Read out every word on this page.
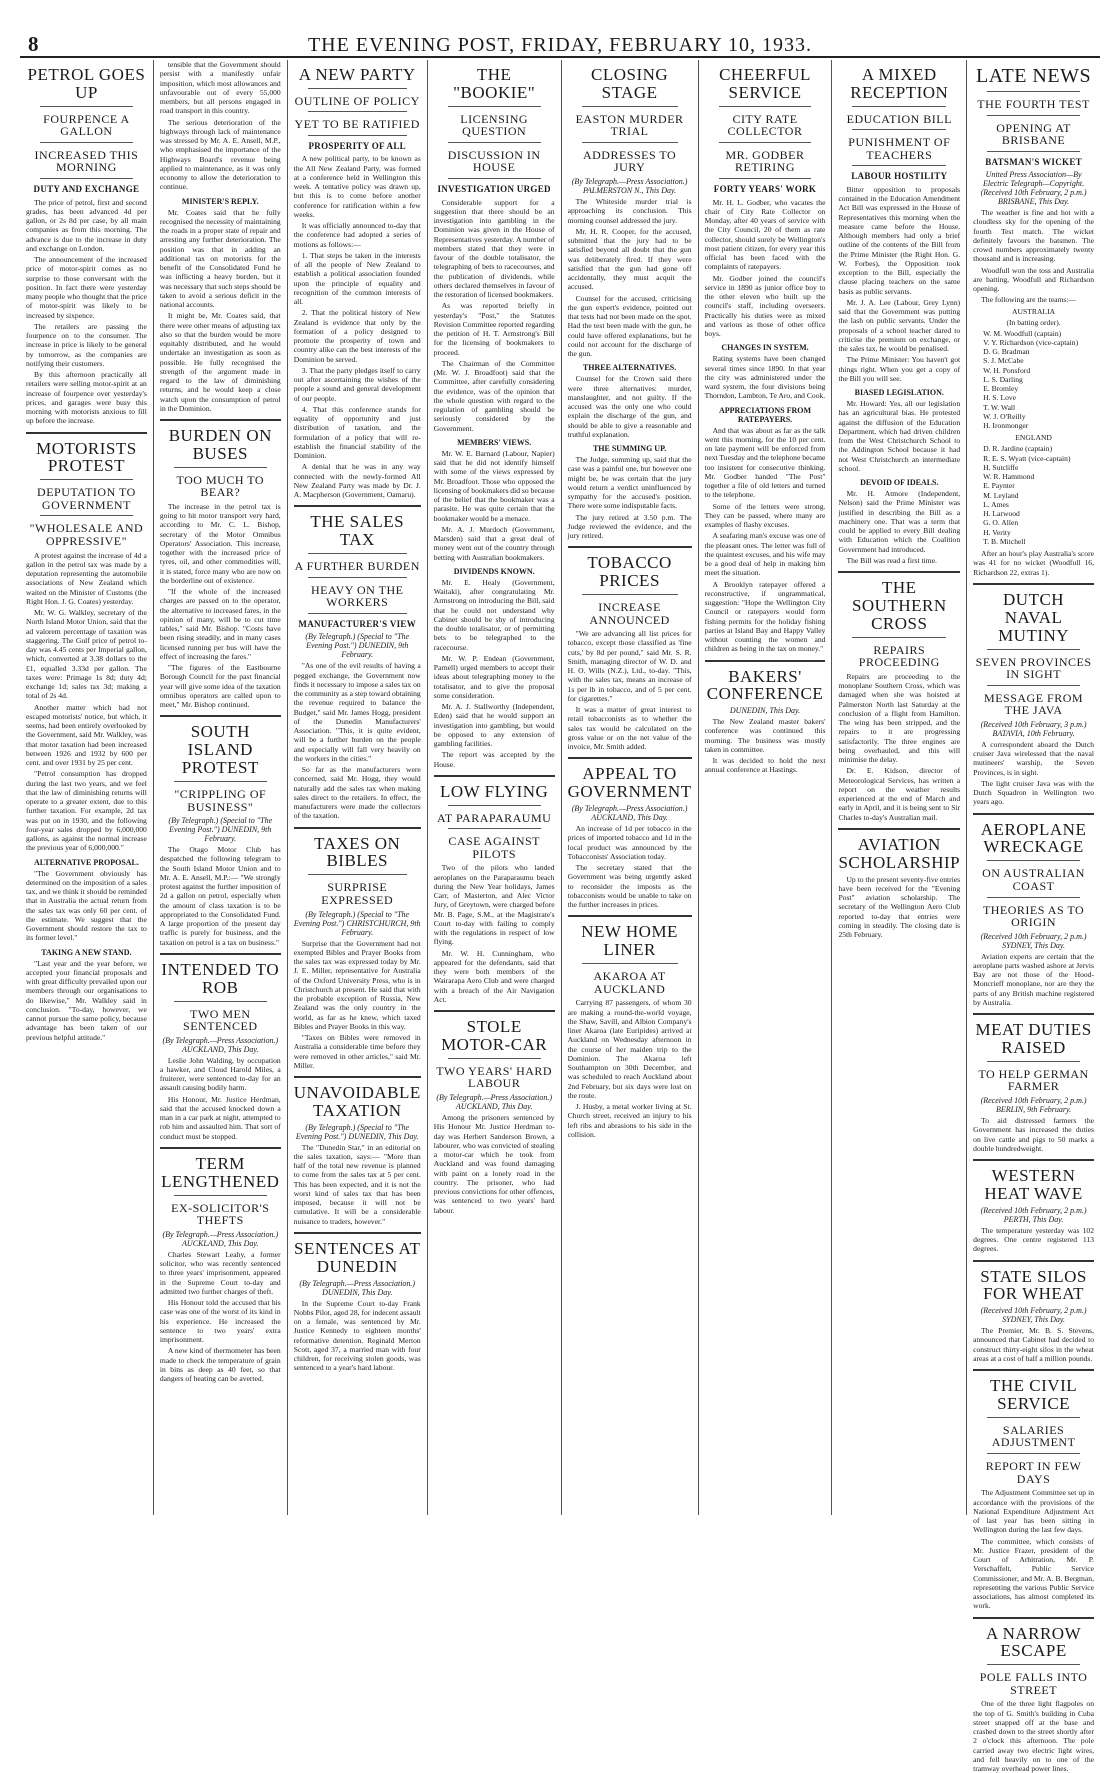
8	THE EVENING POST, FRIDAY, FEBRUARY 10, 1933.
PETROL GOES UP
FOURPENCE A GALLON
INCREASED THIS MORNING
DUTY AND EXCHANGE

The price of petrol, first and second grades, has been advanced 4d per gallon, or 2s 8d per case, by all main companies as from this morning. The advance is due to the increase in duty and exchange on London.

The announcement of the increased price of motor-spirit comes as no surprise to those conversant with the position. In fact there were yesterday many people who thought that the price of motor-spirit was likely to be increased by sixpence.

The retailers are passing the fourpence on to the consumer. The increase in price is likely to be general by tomorrow, as the companies are notifying their customers.

By this afternoon practically all retailers were selling motor-spirit at an increase of fourpence over yesterday's prices, and garages were busy this morning with motorists anxious to fill up before the increase.

MOTORISTS PROTEST
DEPUTATION TO GOVERNMENT
"WHOLESALE AND OPPRESSIVE"

A protest against the increase of 4d a gallon in the petrol tax was made by a deputation representing the automobile associations of New Zealand which waited on the Minister of Customs (the Right Hon. J. G. Coates) yesterday.

Mr. W. G. Walkley, secretary of the North Island Motor Union, said that the ad valorem percentage of taxation was staggering. The Gulf price of petrol to-day was 4.45 cents per Imperial gallon, which, converted at 3.38 dollars to the £1, equalled 3.33d per gallon. The taxes were: Primage 1s 8d; duty 4d; exchange 1d; sales tax 3d; making a total of 2s 4d.

Another matter which had not escaped motorists' notice, but which, it seems, had been entirely overlooked by the Government, said Mr. Walkley, was that motor taxation had been increased between 1926 and 1932 by 600 per cent. and over 1931 by 25 per cent.

"Petrol consumption has dropped during the last two years, and we feel that the law of diminishing returns will operate to a greater extent, due to this further taxation. For example, 2d tax was put on in 1930, and the following four-year sales dropped by 6,000,000 gallons, as against the normal increase the previous year of 6,000,000."

ALTERNATIVE PROPOSAL.

"The Government obviously has determined on the imposition of a sales tax, and we think it should be reminded that in Australia the actual return from the sales tax was only 60 per cent. of the estimate. We suggest that the Government should restore the tax to its former level."

TAKING A NEW STAND.

"Last year and the year before, we accepted your financial proposals and with great difficulty prevailed upon our members through our organisations to do likewise," Mr. Walkley said in conclusion. "To-day, however, we cannot pursue the same policy, because advantage has been taken of our previous helpful attitude."

tensible that the Government should persist with a manifestly unfair imposition, which most allowances and unfavourable out of every 55,000 members, but all persons engaged in road transport in this country.

The serious deterioration of the highways through lack of maintenance was stressed by Mr. A. E. Ansell, M.P., who emphasised the importance of the Highways Board's revenue being applied to maintenance, as it was only economy to allow the deterioration to continue.

MINISTER'S REPLY.

Mr. Coates said that he fully recognised the necessity of maintaining the roads in a proper state of repair and arresting any further deterioration. The position was that in adding an additional tax on motorists for the benefit of the Consolidated Fund he was inflicting a heavy burden, but it was necessary that such steps should be taken to avoid a serious deficit in the national accounts.

It might be, Mr. Coates said, that there were other means of adjusting tax also so that the burden would be more equitably distributed, and he would undertake an investigation as soon as possible. He fully recognised the strength of the argument made in regard to the law of diminishing returns, and he would keep a close watch upon the consumption of petrol in the Dominion.

BURDEN ON BUSES
TOO MUCH TO BEAR?

The increase in the petrol tax is going to hit motor transport very hard, according to Mr. C. L. Bishop, secretary of the Motor Omnibus Operators' Association. This increase, together with the increased price of tyres, oil, and other commodities will, it is stated, force many who are now on the borderline out of existence.

"If the whole of the increased charges are passed on to the operator, the alternative to increased fares, in the opinion of many, will be to cut time tables," said Mr. Bishop. "Costs have been rising steadily, and in many cases licensed running per bus will have the effect of increasing the fares."

"The figures of the Eastbourne Borough Council for the past financial year will give some idea of the taxation omnibus operators are called upon to meet," Mr. Bishop continued.

SOUTH ISLAND PROTEST
"CRIPPLING OF BUSINESS"
(By Telegraph.) (Special to "The Evening Post.") DUNEDIN, 9th February.

The Otago Motor Club has despatched the following telegram to the South Island Motor Union and to Mr. A. E. Ansell, M.P.:— "We strongly protest against the further imposition of 2d a gallon on petrol, especially when the amount of class taxation is to be appropriated to the Consolidated Fund. A large proportion of the present day traffic is purely for business, and the taxation on petrol is a tax on business."

INTENDED TO ROB
TWO MEN SENTENCED
(By Telegraph.—Press Association.) AUCKLAND, This Day.

Leslie John Walding, by occupation a hawker, and Cloud Harold Miles, a fruiterer, were sentenced to-day for an assault causing bodily harm.

His Honour, Mr. Justice Herdman, said that the accused knocked down a man in a car park at night, attempted to rob him and assaulted him. That sort of conduct must be stopped.

TERM LENGTHENED
EX-SOLICITOR'S THEFTS
(By Telegraph.—Press Association.) AUCKLAND, This Day.

Charles Stewart Leahy, a former solicitor, who was recently sentenced to three years' imprisonment, appeared in the Supreme Court to-day and admitted two further charges of theft.

His Honour told the accused that his case was one of the worst of its kind in his experience. He increased the sentence to two years' extra imprisonment.

A new kind of thermometer has been made to check the temperature of grain in bins as deep as 40 feet, so that dangers of heating can be averted.

A NEW PARTY
OUTLINE OF POLICY
YET TO BE RATIFIED
PROSPERITY OF ALL

A new political party, to be known as the All New Zealand Party, was formed at a conference held in Wellington this week. A tentative policy was drawn up, but this is to come before another conference for ratification within a few weeks.

It was officially announced to-day that the conference had adopted a series of motions as follows:—

1. That steps be taken in the interests of all the people of New Zealand to establish a political association founded upon the principle of equality and recognition of the common interests of all.

2. That the political history of New Zealand is evidence that only by the formation of a policy designed to promote the prosperity of town and country alike can the best interests of the Dominion be served.

3. That the party pledges itself to carry out after ascertaining the wishes of the people a sound and general development of our people.

4. That this conference stands for equality of opportunity and just distribution of taxation, and the formulation of a policy that will re-establish the financial stability of the Dominion.

A denial that he was in any way connected with the newly-formed All New Zealand Party was made by Dr. J. A. Macpherson (Government, Oamaru).

THE SALES TAX
A FURTHER BURDEN
HEAVY ON THE WORKERS
MANUFACTURER'S VIEW
(By Telegraph.) (Special to "The Evening Post.") DUNEDIN, 9th February.

"As one of the evil results of having a pegged exchange, the Government now finds it necessary to impose a sales tax on the community as a step toward obtaining the revenue required to balance the Budget," said Mr. James Hogg, president of the Dunedin Manufacturers' Association. "This, it is quite evident, will be a further burden on the people and especially will fall very heavily on the workers in the cities."

So far as the manufacturers were concerned, said Mr. Hogg, they would naturally add the sales tax when making sales direct to the retailers. In effect, the manufacturers were made the collectors of the taxation.

TAXES ON BIBLES
SURPRISE EXPRESSED
(By Telegraph.) (Special to "The Evening Post.") CHRISTCHURCH, 9th February.

Surprise that the Government had not exempted Bibles and Prayer Books from the sales tax was expressed today by Mr. J. E. Miller, representative for Australia of the Oxford University Press, who is in Christchurch at present. He said that with the probable exception of Russia, New Zealand was the only country in the world, as far as he knew, which taxed Bibles and Prayer Books in this way.

"Taxes on Bibles were removed in Australia a considerable time before they were removed in other articles," said Mr. Miller.

UNAVOIDABLE TAXATION
(By Telegraph.) (Special to "The Evening Post.") DUNEDIN, This Day.

The "Dunedin Star," in an editorial on the sales taxation, says:— "More than half of the total new revenue is planned to come from the sales tax at 5 per cent. This has been expected, and it is not the worst kind of sales tax that has been imposed, because it will not be cumulative. It will be a considerable nuisance to traders, however."

SENTENCES AT DUNEDIN
(By Telegraph.—Press Association.) DUNEDIN, This Day.

In the Supreme Court to-day Frank Nobbs Pilot, aged 28, for indecent assault on a female, was sentenced by Mr. Justice Kennedy to eighteen months' reformative detention. Reginald Merton Scott, aged 37, a married man with four children, for receiving stolen goods, was sentenced to a year's hard labour.

THE "BOOKIE"
LICENSING QUESTION
DISCUSSION IN HOUSE
INVESTIGATION URGED

Considerable support for a suggestion that there should be an investigation into gambling in the Dominion was given in the House of Representatives yesterday. A number of members stated that they were in favour of the double totalisator, the telegraphing of bets to racecourses, and the publication of dividends, while others declared themselves in favour of the restoration of licensed bookmakers.

As was reported briefly in yesterday's "Post," the Statutes Revision Committee reported regarding the petition of H. T. Armstrong's Bill for the licensing of bookmakers to proceed.

The Chairman of the Committee (Mr. W. J. Broadfoot) said that the Committee, after carefully considering the evidence, was of the opinion that the whole question with regard to the regulation of gambling should be seriously considered by the Government.

MEMBERS' VIEWS.

Mr. W. E. Barnard (Labour, Napier) said that he did not identify himself with some of the views expressed by Mr. Broadfoot. Those who opposed the licensing of bookmakers did so because of the belief that the bookmaker was a parasite. He was quite certain that the bookmaker would be a menace.

Mr. A. J. Murdoch (Government, Marsden) said that a great deal of money went out of the country through betting with Australian bookmakers.

DIVIDENDS KNOWN.

Mr. E. Healy (Government, Waitaki), after congratulating Mr. Armstrong on introducing the Bill, said that he could not understand why Cabinet should be shy of introducing the double totalisator, or of permitting bets to be telegraphed to the racecourse.

Mr. W. P. Endean (Government, Parnell) urged members to accept their ideas about telegraphing money to the totalisator, and to give the proposal some consideration.

Mr. A. J. Stallworthy (Independent, Eden) said that he would support an investigation into gambling, but would be opposed to any extension of gambling facilities.

The report was accepted by the House.

LOW FLYING
AT PARAPARAUMU
CASE AGAINST PILOTS

Two of the pilots who landed aeroplanes on the Paraparaumu beach during the New Year holidays, James Carr, of Masterton, and Alec Victor Jury, of Greytown, were charged before Mr. B. Page, S.M., at the Magistrate's Court to-day with failing to comply with the regulations in respect of low flying.

Mr. W. H. Cunningham, who appeared for the defendants, said that they were both members of the Wairarapa Aero Club and were charged with a breach of the Air Navigation Act.

STOLE MOTOR-CAR
TWO YEARS' HARD LABOUR
(By Telegraph.—Press Association.) AUCKLAND, This Day.

Among the prisoners sentenced by His Honour Mr. Justice Herdman to-day was Herbert Sanderson Brown, a labourer, who was convicted of stealing a motor-car which he took from Auckland and was found damaging with paint on a lonely road in the country. The prisoner, who had previous convictions for other offences, was sentenced to two years' hard labour.

CLOSING STAGE
EASTON MURDER TRIAL
ADDRESSES TO JURY
(By Telegraph.—Press Association.) PALMERSTON N., This Day.

The Whiteside murder trial is approaching its conclusion. This morning counsel addressed the jury.

Mr. H. R. Cooper, for the accused, submitted that the jury had to be satisfied beyond all doubt that the gun was deliberately fired. If they were satisfied that the gun had gone off accidentally, they must acquit the accused.

Counsel for the accused, criticising the gun expert's evidence, pointed out that tests had not been made on the spot. Had the test been made with the gun, he could have offered explanations, but he could not account for the discharge of the gun.

THREE ALTERNATIVES.

Counsel for the Crown said there were three alternatives: murder, manslaughter, and not guilty. If the accused was the only one who could explain the discharge of the gun, and should be able to give a reasonable and truthful explanation.

THE SUMMING UP.

The Judge, summing up, said that the case was a painful one, but however one might be, he was certain that the jury would return a verdict uninfluenced by sympathy for the accused's position. There were some indisputable facts.

The jury retired at 3.50 p.m. The Judge reviewed the evidence, and the jury retired.

TOBACCO PRICES
INCREASE ANNOUNCED

"We are advancing all list prices for tobacco, except those classified as 'fine cuts,' by 8d per pound," said Mr. S. R. Smith, managing director of W. D. and H. O. Wills (N.Z.), Ltd., to-day. "This, with the sales tax, means an increase of 1s per lb in tobacco, and of 5 per cent. for cigarettes."

It was a matter of great interest to retail tobacconists as to whether the sales tax would be calculated on the gross value or on the net value of the invoice, Mr. Smith added.

APPEAL TO GOVERNMENT
(By Telegraph.—Press Association.) AUCKLAND, This Day.

An increase of 1d per tobacco in the prices of imported tobacco and 1d in the local product was announced by the Tobacconists' Association today.

The secretary stated that the Government was being urgently asked to reconsider the imposts as the tobacconists would be unable to take on the further increases in prices.

NEW HOME LINER
AKAROA AT AUCKLAND

Carrying 87 passengers, of whom 30 are making a round-the-world voyage, the Shaw, Savill, and Albion Company's liner Akaroa (late Euripides) arrived at Auckland on Wednesday afternoon in the course of her maiden trip to the Dominion. The Akaroa left Southampton on 30th December, and was scheduled to reach Auckland about 2nd February, but six days were lost on the route.

J. Husby, a metal worker living at St. Church street, received an injury to his left ribs and abrasions to his side in the collision.

CHEERFUL SERVICE
CITY RATE COLLECTOR
MR. GODBER RETIRING
FORTY YEARS' WORK

Mr. H. L. Godber, who vacates the chair of City Rate Collector on Monday, after 40 years of service with the City Council, 20 of them as rate collector, should surely be Wellington's most patient citizen, for every year this official has been faced with the complaints of ratepayers.

Mr. Godber joined the council's service in 1890 as junior office boy to the other eleven who built up the council's staff, including overseers. Practically his duties were as mixed and various as those of other office boys.

CHANGES IN SYSTEM.

Rating systems have been changed several times since 1890. In that year the city was administered under the ward system, the four divisions being Thorndon, Lambton, Te Aro, and Cook.

APPRECIATIONS FROM RATEPAYERS.

And that was about as far as the talk went this morning, for the 10 per cent. on late payment will be enforced from next Tuesday and the telephone became too insistent for consecutive thinking. Mr. Godber handed "The Post" together a file of old letters and turned to the telephone.

Some of the letters were strong. They can be passed, where many are examples of flashy excuses.

A seafaring man's excuse was one of the pleasant ones. The letter was full of the quaintest excuses, and his wife may be a good deal of help in making him meet the situation.

A Brooklyn ratepayer offered a reconstructive, if ungrammatical, suggestion: "Hope the Wellington City Council or ratepayers would form fishing permits for the holiday fishing parties at Island Bay and Happy Valley without counting the women and children as being in the tax on money."

BAKERS' CONFERENCE
DUNEDIN, This Day.

The New Zealand master bakers' conference was continued this morning. The business was mostly taken in committee.

It was decided to hold the next annual conference at Hastings.

A MIXED RECEPTION
EDUCATION BILL
PUNISHMENT OF TEACHERS
LABOUR HOSTILITY

Bitter opposition to proposals contained in the Education Amendment Act Bill was expressed in the House of Representatives this morning when the measure came before the House. Although members had only a brief outline of the contents of the Bill from the Prime Minister (the Right Hon. G. W. Forbes), the Opposition took exception to the Bill, especially the clause placing teachers on the same basis as public servants.

Mr. J. A. Lee (Labour, Grey Lynn) said that the Government was putting the lash on public servants. Under the proposals of a school teacher dared to criticise the premium on exchange, or the sales tax, he would be penalised.

The Prime Minister: You haven't got things right. When you get a copy of the Bill you will see.

BIASED LEGISLATION.

Mr. Howard: Yes, all our legislation has an agricultural bias. He protested against the diffusion of the Education Department, which had driven children from the West Christchurch School to the Addington School because it had not West Christchurch an intermediate school.

DEVOID OF IDEALS.

Mr. H. Atmore (Independent, Nelson) said the Prime Minister was justified in describing the Bill as a machinery one. That was a term that could be applied to every Bill dealing with Education which the Coalition Government had introduced.

The Bill was read a first time.

THE SOUTHERN CROSS
REPAIRS PROCEEDING

Repairs are proceeding to the monoplane Southern Cross, which was damaged when she was hoisted at Palmerston North last Saturday at the conclusion of a flight from Hamilton. The wing has been stripped, and the repairs to it are progressing satisfactorily. The three engines are being overhauled, and this will minimise the delay.

Dr. E. Kidson, director of Meteorological Services, has written a report on the weather results experienced at the end of March and early in April, and it is being sent to Sir Charles to-day's Australian mail.

AVIATION SCHOLARSHIP

Up to the present seventy-five entries have been received for the "Evening Post" aviation scholarship. The secretary of the Wellington Aero Club reported to-day that entries were coming in steadily. The closing date is 25th February.

LATE NEWS
THE FOURTH TEST
OPENING AT BRISBANE
BATSMAN'S WICKET
United Press Association—By Electric Telegraph—Copyright. (Received 10th February, 2 p.m.) BRISBANE, This Day.

The weather is fine and hot with a cloudless sky for the opening of the fourth Test match. The wicket definitely favours the batsmen. The crowd numbers approximately twenty thousand and is increasing.

Woodfull won the toss and Australia are batting, Woodfull and Richardson opening.

The following are the teams:—

AUSTRALIA
(In batting order).
W. M. Woodfull (captain)
V. Y. Richardson (vice-captain)
D. G. Bradman
S. J. McCabe
W. H. Ponsford
L. S. Darling
E. Bromley
H. S. Love
T. W. Wall
W. J. O'Reilly
H. Ironmonger
ENGLAND
D. R. Jardine (captain)
R. E. S. Wyatt (vice-captain)
H. Sutcliffe
W. R. Hammond
E. Paynter
M. Leyland
L. Ames
H. Larwood
G. O. Allen
H. Verity
T. B. Mitchell

After an hour's play Australia's score was 41 for no wicket (Woodfull 16, Richardson 22, extras 1).

DUTCH NAVAL MUTINY
SEVEN PROVINCES IN SIGHT
MESSAGE FROM THE JAVA
(Received 10th February, 3 p.m.) BATAVIA, 10th February.

A correspondent aboard the Dutch cruiser Java wirelessed that the naval mutineers' warship, the Seven Provinces, is in sight.

The light cruiser Java was with the Dutch Squadron in Wellington two years ago.

AEROPLANE WRECKAGE
ON AUSTRALIAN COAST
THEORIES AS TO ORIGIN
(Received 10th February, 2 p.m.) SYDNEY, This Day.

Aviation experts are certain that the aeroplane parts washed ashore at Jervis Bay are not those of the Hood-Moncrieff monoplane, nor are they the parts of any British machine registered by Australia.

MEAT DUTIES RAISED
TO HELP GERMAN FARMER
(Received 10th February, 2 p.m.) BERLIN, 9th February.

To aid distressed farmers the Government has increased the duties on live cattle and pigs to 50 marks a double hundredweight.

WESTERN HEAT WAVE
(Received 10th February, 2 p.m.) PERTH, This Day.

The temperature yesterday was 102 degrees. One centre registered 113 degrees.

STATE SILOS FOR WHEAT
(Received 10th February, 2 p.m.) SYDNEY, This Day.

The Premier, Mr. B. S. Stevens, announced that Cabinet had decided to construct thirty-eight silos in the wheat areas at a cost of half a million pounds.

THE CIVIL SERVICE
SALARIES ADJUSTMENT
REPORT IN FEW DAYS

The Adjustment Committee set up in accordance with the provisions of the National Expenditure Adjustment Act of last year has been sitting in Wellington during the last few days.

The committee, which consists of Mr. Justice Frazer, president of the Court of Arbitration, Mr. P. Verschaffelt, Public Service Commissioner, and Mr. A. B. Bergman, representing the various Public Service associations, has almost completed its work.

A NARROW ESCAPE
POLE FALLS INTO STREET

One of the three light flagpoles on the top of G. Smith's building in Cuba street snapped off at the base and crashed down to the street shortly after 2 o'clock this afternoon. The pole carried away two electric light wires, and fell heavily on to one of the tramway overhead power lines.
